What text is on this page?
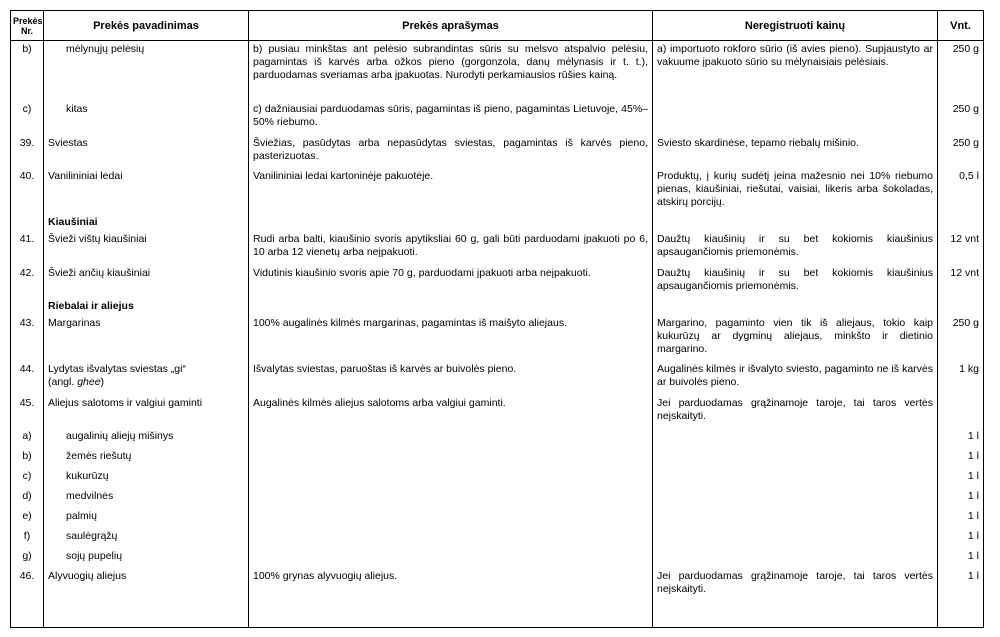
Prekės Nr.	Prekės pavadinimas	Prekės aprašymas	Neregistruoti kainų	Vnt.
b)	mėlynųjų pelėsių	b) pusiau minkštas ant pelėsio subrandintas sūris su melsvo atspalvio pelėsiu, pagamintas iš karvės arba ožkos pieno (gorgonzola, danų mėlynasis ir t. t.), parduodamas sveriamas arba įpakuotas. Nurodyti perkamiausios rūšies kainą.	a) importuoto rokforo sūrio (iš avies pieno). Supjaustyto ar vakuume įpakuoto sūrio su mėlynaisiais pelėsiais.	250 g
c)	kitas	c) dažniausiai parduodamas sūris, pagamintas iš pieno, pagamintas Lietuvoje, 45%–50% riebumo.		250 g
39.	Sviestas	Šviežias, pasūdytas arba nepasūdytas sviestas, pagamintas iš karvės pieno, pasterizuotas.	Sviesto skardinėse, tepamo riebalų mišinio.	250 g
40.	Vanilininiai ledai	Vanilininiai ledai kartoninėje pakuotėje.	Produktų, į kurių sudėtį įeina mažesnio nei 10% riebumo pienas, kiaušiniai, riešutai, vaisiai, likeris arba šokoladas, atskirų porcijų.	0,5 l
	Kiaušiniai			
41.	Švieži vištų kiaušiniai	Rudi arba balti, kiaušinio svoris apytiksliai 60 g, gali būti parduodami įpakuoti po 6, 10 arba 12 vienetų arba neįpakuoti.	Daužtų kiaušinių ir su bet kokiomis kiaušinius apsaugančiomis priemonėmis.	12 vnt
42.	Švieži ančių kiaušiniai	Vidutinis kiaušinio svoris apie 70 g, parduodami įpakuoti arba neįpakuoti.	Daužtų kiaušinių ir su bet kokiomis kiaušinius apsaugančiomis priemonėmis.	12 vnt
	Riebalai ir aliejus			
43.	Margarinas	100% augalinės kilmės margarinas, pagamintas iš maišyto aliejaus.	Margarino, pagaminto vien tik iš aliejaus, tokio kaip kukurūzų ar dygminų aliejaus, minkšto ir dietinio margarino.	250 g
44.	Lydytas išvalytas sviestas „gi“
(angl. ghee)	Išvalytas sviestas, paruoštas iš karvės ar buivolės pieno.	Augalinės kilmės ir išvalyto sviesto, pagaminto ne iš karvės ar buivolės pieno.	1 kg
45.	Aliejus salotoms ir valgiui gaminti	Augalinės kilmės aliejus salotoms arba valgiui gaminti.	Jei parduodamas grąžinamoje taroje, tai taros vertės neįskaityti.	
a)	augalinių aliejų mišinys			1 l
b)	žemės riešutų			1 l
c)	kukurūzų			1 l
d)	medvilnės			1 l
e)	palmių			1 l
f)	saulėgrąžų			1 l
g)	sojų pupelių			1 l
46.	Alyvuogių aliejus	100% grynas alyvuogių aliejus.	Jei parduodamas grąžinamoje taroje, tai taros vertės neįskaityti.	1 l
